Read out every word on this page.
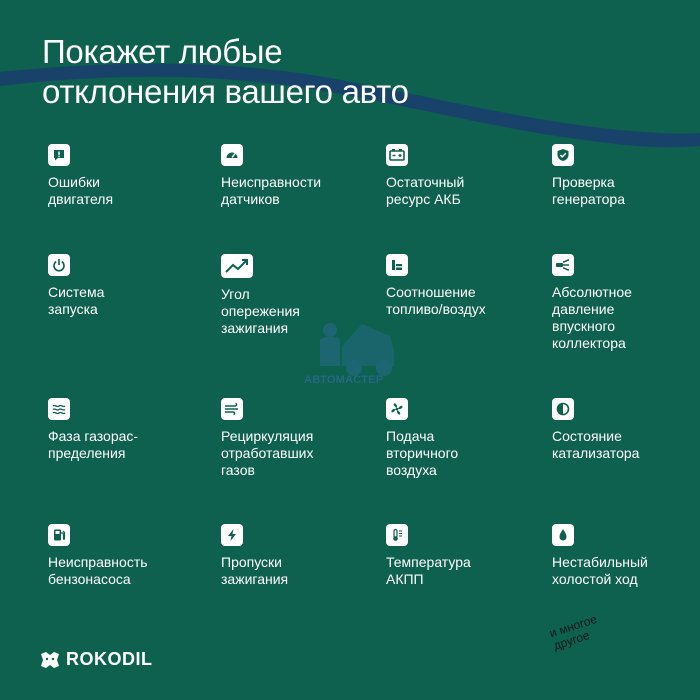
Покажет любые
отклонения вашего авто
Ошибки
двигателя
Неисправности
датчиков
Остаточный
ресурс АКБ
Проверка
генератора
Система
запуска
Угол
опережения
зажигания
Соотношение
топливо/воздух
Абсолютное
давление
впускного
коллектора
Фаза газорас-
пределения
Рециркуляция
отработавших
газов
Подача
вторичного
воздуха
Состояние
катализатора
Неисправность
бензонасоса
Пропуски
зажигания
Температура
АКПП
Нестабильный
холостой ход
АВТОМАСТЕР
ROKODIL
и многое
другое
